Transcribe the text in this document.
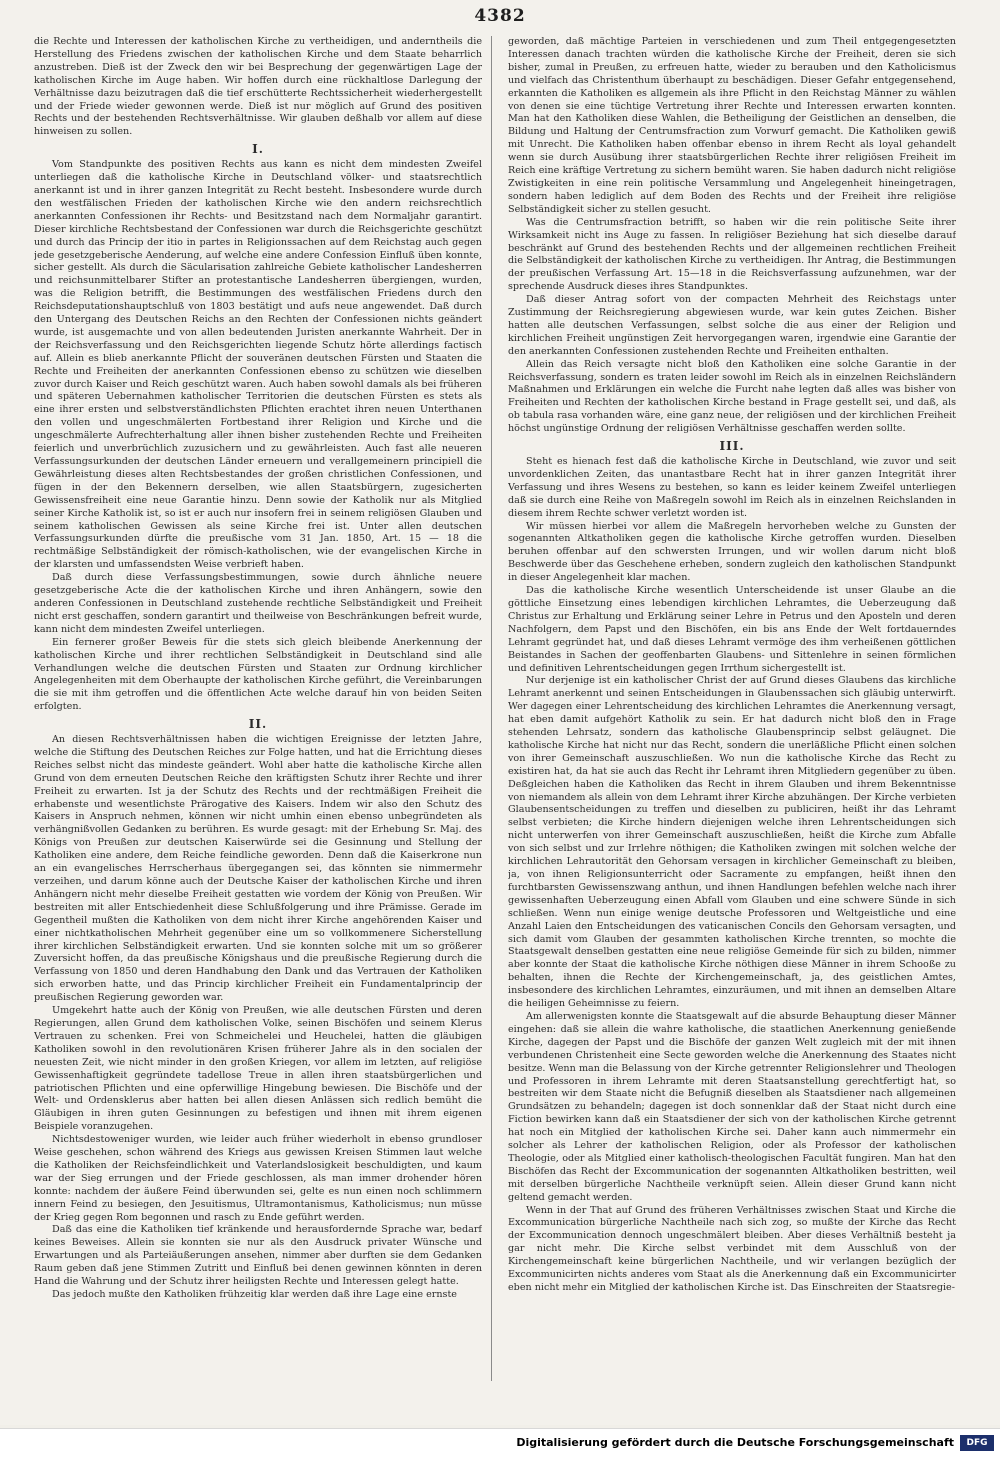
4382

die Rechte und Interessen der katholischen Kirche zu vertheidigen, und anderntheils die Herstellung des Friedens zwischen der katholischen Kirche und dem Staate beharrlich anzustreben. Dieß ist der Zweck den wir bei Besprechung der gegenwärtigen Lage der katholischen Kirche im Auge haben. Wir hoffen durch eine rückhaltlose Darlegung der Verhältnisse dazu beizutragen daß die tief erschütterte Rechtssicherheit wiederhergestellt und der Friede wieder gewonnen werde. Dieß ist nur möglich auf Grund des positiven Rechts und der bestehenden Rechtsverhältnisse. Wir glauben deßhalb vor allem auf diese hinweisen zu sollen.

I.

Vom Standpunkte des positiven Rechts aus kann es nicht dem mindesten Zweifel unterliegen daß die katholische Kirche in Deutschland völker- und staatsrechtlich anerkannt ist und in ihrer ganzen Integrität zu Recht besteht. Insbesondere wurde durch den westfälischen Frieden der katholischen Kirche wie den andern reichsrechtlich anerkannten Confessionen ihr Rechts- und Besitzstand nach dem Normaljahr garantirt. Dieser kirchliche Rechtsbestand der Confessionen war durch die Reichsgerichte geschützt und durch das Princip der itio in partes in Religionssachen auf dem Reichstag auch gegen jede gesetzgeberische Aenderung, auf welche eine andere Confession Einfluß üben konnte, sicher gestellt. Als durch die Säcularisation zahlreiche Gebiete katholischer Landesherren und reichsunmittelbarer Stifter an protestantische Landesherren übergiengen, wurden, was die Religion betrifft, die Bestimmungen des westfälischen Friedens durch den Reichsdeputationshauptschluß von 1803 bestätigt und aufs neue angewendet. Daß durch den Untergang des Deutschen Reichs an den Rechten der Confessionen nichts geändert wurde, ist ausgemachte und von allen bedeutenden Juristen anerkannte Wahrheit. Der in der Reichsverfassung und den Reichsgerichten liegende Schutz hörte allerdings factisch auf. Allein es blieb anerkannte Pflicht der souveränen deutschen Fürsten und Staaten die Rechte und Freiheiten der anerkannten Confessionen ebenso zu schützen wie dieselben zuvor durch Kaiser und Reich geschützt waren. Auch haben sowohl damals als bei früheren und späteren Uebernahmen katholischer Territorien die deutschen Fürsten es stets als eine ihrer ersten und selbstverständlichsten Pflichten erachtet ihren neuen Unterthanen den vollen und ungeschmälerten Fortbestand ihrer Religion und Kirche und die ungeschmälerte Aufrechterhaltung aller ihnen bisher zustehenden Rechte und Freiheiten feierlich und unverbrüchlich zuzusichern und zu gewährleisten. Auch fast alle neueren Verfassungsurkunden der deutschen Länder erneuern und verallgemeinern principiell die Gewährleistung dieses alten Rechtsbestandes der großen christlichen Confessionen, und fügen in der den Bekennern derselben, wie allen Staatsbürgern, zugesicherten Gewissensfreiheit eine neue Garantie hinzu. Denn sowie der Katholik nur als Mitglied seiner Kirche Katholik ist, so ist er auch nur insofern frei in seinem religiösen Glauben und seinem katholischen Gewissen als seine Kirche frei ist. Unter allen deutschen Verfassungsurkunden dürfte die preußische vom 31 Jan. 1850, Art. 15 — 18 die rechtmäßige Selbständigkeit der römisch-katholischen, wie der evangelischen Kirche in der klarsten und umfassendsten Weise verbrieft haben.

Daß durch diese Verfassungsbestimmungen, sowie durch ähnliche neuere gesetzgeberische Acte die der katholischen Kirche und ihren Anhängern, sowie den anderen Confessionen in Deutschland zustehende rechtliche Selbständigkeit und Freiheit nicht erst geschaffen, sondern garantirt und theilweise von Beschränkungen befreit wurde, kann nicht dem mindesten Zweifel unterliegen.

Ein fernerer großer Beweis für die stets sich gleich bleibende Anerkennung der katholischen Kirche und ihrer rechtlichen Selbständigkeit in Deutschland sind alle Verhandlungen welche die deutschen Fürsten und Staaten zur Ordnung kirchlicher Angelegenheiten mit dem Oberhaupte der katholischen Kirche geführt, die Vereinbarungen die sie mit ihm getroffen und die öffentlichen Acte welche darauf hin von beiden Seiten erfolgten.

II.

An diesen Rechtsverhältnissen haben die wichtigen Ereignisse der letzten Jahre, welche die Stiftung des Deutschen Reiches zur Folge hatten, und hat die Errichtung dieses Reiches selbst nicht das mindeste geändert. Wohl aber hatte die katholische Kirche allen Grund von dem erneuten Deutschen Reiche den kräftigsten Schutz ihrer Rechte und ihrer Freiheit zu erwarten. Ist ja der Schutz des Rechts und der rechtmäßigen Freiheit die erhabenste und wesentlichste Prärogative des Kaisers. Indem wir also den Schutz des Kaisers in Anspruch nehmen, können wir nicht umhin einen ebenso unbegründeten als verhängnißvollen Gedanken zu berühren. Es wurde gesagt: mit der Erhebung Sr. Maj. des Königs von Preußen zur deutschen Kaiserwürde sei die Gesinnung und Stellung der Katholiken eine andere, dem Reiche feindliche geworden. Denn daß die Kaiserkrone nun an ein evangelisches Herrscherhaus übergegangen sei, das könnten sie nimmermehr verzeihen, und darum könne auch der Deutsche Kaiser der katholischen Kirche und ihren Anhängern nicht mehr dieselbe Freiheit gestatten wie vordem der König von Preußen. Wir bestreiten mit aller Entschiedenheit diese Schlußfolgerung und ihre Prämisse. Gerade im Gegentheil mußten die Katholiken von dem nicht ihrer Kirche angehörenden Kaiser und einer nichtkatholischen Mehrheit gegenüber eine um so vollkommenere Sicherstellung ihrer kirchlichen Selbständigkeit erwarten. Und sie konnten solche mit um so größerer Zuversicht hoffen, da das preußische Königshaus und die preußische Regierung durch die Verfassung von 1850 und deren Handhabung den Dank und das Vertrauen der Katholiken sich erworben hatte, und das Princip kirchlicher Freiheit ein Fundamentalprincip der preußischen Regierung geworden war.

Umgekehrt hatte auch der König von Preußen, wie alle deutschen Fürsten und deren Regierungen, allen Grund dem katholischen Volke, seinen Bischöfen und seinem Klerus Vertrauen zu schenken. Frei von Schmeichelei und Heuchelei, hatten die gläubigen Katholiken sowohl in den revolutionären Krisen früherer Jahre als in den socialen der neuesten Zeit, wie nicht minder in den großen Kriegen, vor allem im letzten, auf religiöse Gewissenhaftigkeit gegründete tadellose Treue in allen ihren staatsbürgerlichen und patriotischen Pflichten und eine opferwillige Hingebung bewiesen. Die Bischöfe und der Welt- und Ordensklerus aber hatten bei allen diesen Anlässen sich redlich bemüht die Gläubigen in ihren guten Gesinnungen zu befestigen und ihnen mit ihrem eigenen Beispiele voranzugehen.

Nichtsdestoweniger wurden, wie leider auch früher wiederholt in ebenso grundloser Weise geschehen, schon während des Kriegs aus gewissen Kreisen Stimmen laut welche die Katholiken der Reichsfeindlichkeit und Vaterlandslosigkeit beschuldigten, und kaum war der Sieg errungen und der Friede geschlossen, als man immer drohender hören konnte: nachdem der äußere Feind überwunden sei, gelte es nun einen noch schlimmern innern Feind zu besiegen, den Jesuitismus, Ultramontanismus, Katholicismus; nun müsse der Krieg gegen Rom begonnen und rasch zu Ende geführt werden.

Daß das eine die Katholiken tief kränkende und herausfordernde Sprache war, bedarf keines Beweises. Allein sie konnten sie nur als den Ausdruck privater Wünsche und Erwartungen und als Parteiäußerungen ansehen, nimmer aber durften sie dem Gedanken Raum geben daß jene Stimmen Zutritt und Einfluß bei denen gewinnen könnten in deren Hand die Wahrung und der Schutz ihrer heiligsten Rechte und Interessen gelegt hatte.

Das jedoch mußte den Katholiken frühzeitig klar werden daß ihre Lage eine ernste

geworden, daß mächtige Parteien in verschiedenen und zum Theil entgegengesetzten Interessen danach trachten würden die katholische Kirche der Freiheit, deren sie sich bisher, zumal in Preußen, zu erfreuen hatte, wieder zu berauben und den Katholicismus und vielfach das Christenthum überhaupt zu beschädigen. Dieser Gefahr entgegensehend, erkannten die Katholiken es allgemein als ihre Pflicht in den Reichstag Männer zu wählen von denen sie eine tüchtige Vertretung ihrer Rechte und Interessen erwarten konnten. Man hat den Katholiken diese Wahlen, die Betheiligung der Geistlichen an denselben, die Bildung und Haltung der Centrumsfraction zum Vorwurf gemacht. Die Katholiken gewiß mit Unrecht. Die Katholiken haben offenbar ebenso in ihrem Recht als loyal gehandelt wenn sie durch Ausübung ihrer staatsbürgerlichen Rechte ihrer religiösen Freiheit im Reich eine kräftige Vertretung zu sichern bemüht waren. Sie haben dadurch nicht religiöse Zwistigkeiten in eine rein politische Versammlung und Angelegenheit hineingetragen, sondern haben lediglich auf dem Boden des Rechts und der Freiheit ihre religiöse Selbständigkeit sicher zu stellen gesucht.

Was die Centrumsfraction betrifft, so haben wir die rein politische Seite ihrer Wirksamkeit nicht ins Auge zu fassen. In religiöser Beziehung hat sich dieselbe darauf beschränkt auf Grund des bestehenden Rechts und der allgemeinen rechtlichen Freiheit die Selbständigkeit der katholischen Kirche zu vertheidigen. Ihr Antrag, die Bestimmungen der preußischen Verfassung Art. 15—18 in die Reichsverfassung aufzunehmen, war der sprechende Ausdruck dieses ihres Standpunktes.

Daß dieser Antrag sofort von der compacten Mehrheit des Reichstags unter Zustimmung der Reichsregierung abgewiesen wurde, war kein gutes Zeichen. Bisher hatten alle deutschen Verfassungen, selbst solche die aus einer der Religion und kirchlichen Freiheit ungünstigen Zeit hervorgegangen waren, irgendwie eine Garantie der den anerkannten Confessionen zustehenden Rechte und Freiheiten enthalten.

Allein das Reich versagte nicht bloß den Katholiken eine solche Garantie in der Reichsverfassung, sondern es traten leider sowohl im Reich als in einzelnen Reichsländern Maßnahmen und Erklärungen ein welche die Furcht nahe legten daß alles was bisher von Freiheiten und Rechten der katholischen Kirche bestand in Frage gestellt sei, und daß, als ob tabula rasa vorhanden wäre, eine ganz neue, der religiösen und der kirchlichen Freiheit höchst ungünstige Ordnung der religiösen Verhältnisse geschaffen werden sollte.

III.

Steht es hienach fest daß die katholische Kirche in Deutschland, wie zuvor und seit unvordenklichen Zeiten, das unantastbare Recht hat in ihrer ganzen Integrität ihrer Verfassung und ihres Wesens zu bestehen, so kann es leider keinem Zweifel unterliegen daß sie durch eine Reihe von Maßregeln sowohl im Reich als in einzelnen Reichslanden in diesem ihrem Rechte schwer verletzt worden ist.

Wir müssen hierbei vor allem die Maßregeln hervorheben welche zu Gunsten der sogenannten Altkatholiken gegen die katholische Kirche getroffen wurden. Dieselben beruhen offenbar auf den schwersten Irrungen, und wir wollen darum nicht bloß Beschwerde über das Geschehene erheben, sondern zugleich den katholischen Standpunkt in dieser Angelegenheit klar machen.

Das die katholische Kirche wesentlich Unterscheidende ist unser Glaube an die göttliche Einsetzung eines lebendigen kirchlichen Lehramtes, die Ueberzeugung daß Christus zur Erhaltung und Erklärung seiner Lehre in Petrus und den Aposteln und deren Nachfolgern, dem Papst und den Bischöfen, ein bis ans Ende der Welt fortdauerndes Lehramt gegründet hat, und daß dieses Lehramt vermöge des ihm verheißenen göttlichen Beistandes in Sachen der geoffenbarten Glaubens- und Sittenlehre in seinen förmlichen und definitiven Lehrentscheidungen gegen Irrthum sichergestellt ist.

Nur derjenige ist ein katholischer Christ der auf Grund dieses Glaubens das kirchliche Lehramt anerkennt und seinen Entscheidungen in Glaubenssachen sich gläubig unterwirft. Wer dagegen einer Lehrentscheidung des kirchlichen Lehramtes die Anerkennung versagt, hat eben damit aufgehört Katholik zu sein. Er hat dadurch nicht bloß den in Frage stehenden Lehrsatz, sondern das katholische Glaubensprincip selbst geläugnet. Die katholische Kirche hat nicht nur das Recht, sondern die unerläßliche Pflicht einen solchen von ihrer Gemeinschaft auszuschließen. Wo nun die katholische Kirche das Recht zu existiren hat, da hat sie auch das Recht ihr Lehramt ihren Mitgliedern gegenüber zu üben. Deßgleichen haben die Katholiken das Recht in ihrem Glauben und ihrem Bekenntnisse von niemandem als allein von dem Lehramt ihrer Kirche abzuhängen. Der Kirche verbieten Glaubensentscheidungen zu treffen und dieselben zu publiciren, heißt ihr das Lehramt selbst verbieten; die Kirche hindern diejenigen welche ihren Lehrentscheidungen sich nicht unterwerfen von ihrer Gemeinschaft auszuschließen, heißt die Kirche zum Abfalle von sich selbst und zur Irrlehre nöthigen; die Katholiken zwingen mit solchen welche der kirchlichen Lehrautorität den Gehorsam versagen in kirchlicher Gemeinschaft zu bleiben, ja, von ihnen Religionsunterricht oder Sacramente zu empfangen, heißt ihnen den furchtbarsten Gewissenszwang anthun, und ihnen Handlungen befehlen welche nach ihrer gewissenhaften Ueberzeugung einen Abfall vom Glauben und eine schwere Sünde in sich schließen. Wenn nun einige wenige deutsche Professoren und Weltgeistliche und eine Anzahl Laien den Entscheidungen des vaticanischen Concils den Gehorsam versagten, und sich damit vom Glauben der gesammten katholischen Kirche trennten, so mochte die Staatsgewalt denselben gestatten eine neue religiöse Gemeinde für sich zu bilden, nimmer aber konnte der Staat die katholische Kirche nöthigen diese Männer in ihrem Schooße zu behalten, ihnen die Rechte der Kirchengemeinschaft, ja, des geistlichen Amtes, insbesondere des kirchlichen Lehramtes, einzuräumen, und mit ihnen an demselben Altare die heiligen Geheimnisse zu feiern.

Am allerwenigsten konnte die Staatsgewalt auf die absurde Behauptung dieser Männer eingehen: daß sie allein die wahre katholische, die staatlichen Anerkennung genießende Kirche, dagegen der Papst und die Bischöfe der ganzen Welt zugleich mit der mit ihnen verbundenen Christenheit eine Secte geworden welche die Anerkennung des Staates nicht besitze. Wenn man die Belassung von der Kirche getrennter Religionslehrer und Theologen und Professoren in ihrem Lehramte mit deren Staatsanstellung gerechtfertigt hat, so bestreiten wir dem Staate nicht die Befugniß dieselben als Staatsdiener nach allgemeinen Grundsätzen zu behandeln; dagegen ist doch sonnenklar daß der Staat nicht durch eine Fiction bewirken kann daß ein Staatsdiener der sich von der katholischen Kirche getrennt hat noch ein Mitglied der katholischen Kirche sei. Daher kann auch nimmermehr ein solcher als Lehrer der katholischen Religion, oder als Professor der katholischen Theologie, oder als Mitglied einer katholisch-theologischen Facultät fungiren. Man hat den Bischöfen das Recht der Excommunication der sogenannten Altkatholiken bestritten, weil mit derselben bürgerliche Nachtheile verknüpft seien. Allein dieser Grund kann nicht geltend gemacht werden.

Wenn in der That auf Grund des früheren Verhältnisses zwischen Staat und Kirche die Excommunication bürgerliche Nachtheile nach sich zog, so mußte der Kirche das Recht der Excommunication dennoch ungeschmälert bleiben. Aber dieses Verhältniß besteht ja gar nicht mehr. Die Kirche selbst verbindet mit dem Ausschluß von der Kirchengemeinschaft keine bürgerlichen Nachtheile, und wir verlangen bezüglich der Excommunicirten nichts anderes vom Staat als die Anerkennung daß ein Excommunicirter eben nicht mehr ein Mitglied der katholischen Kirche ist. Das Einschreiten der Staatsregie-

Digitalisierung gefördert durch die Deutsche Forschungsgemeinschaft	DFG
